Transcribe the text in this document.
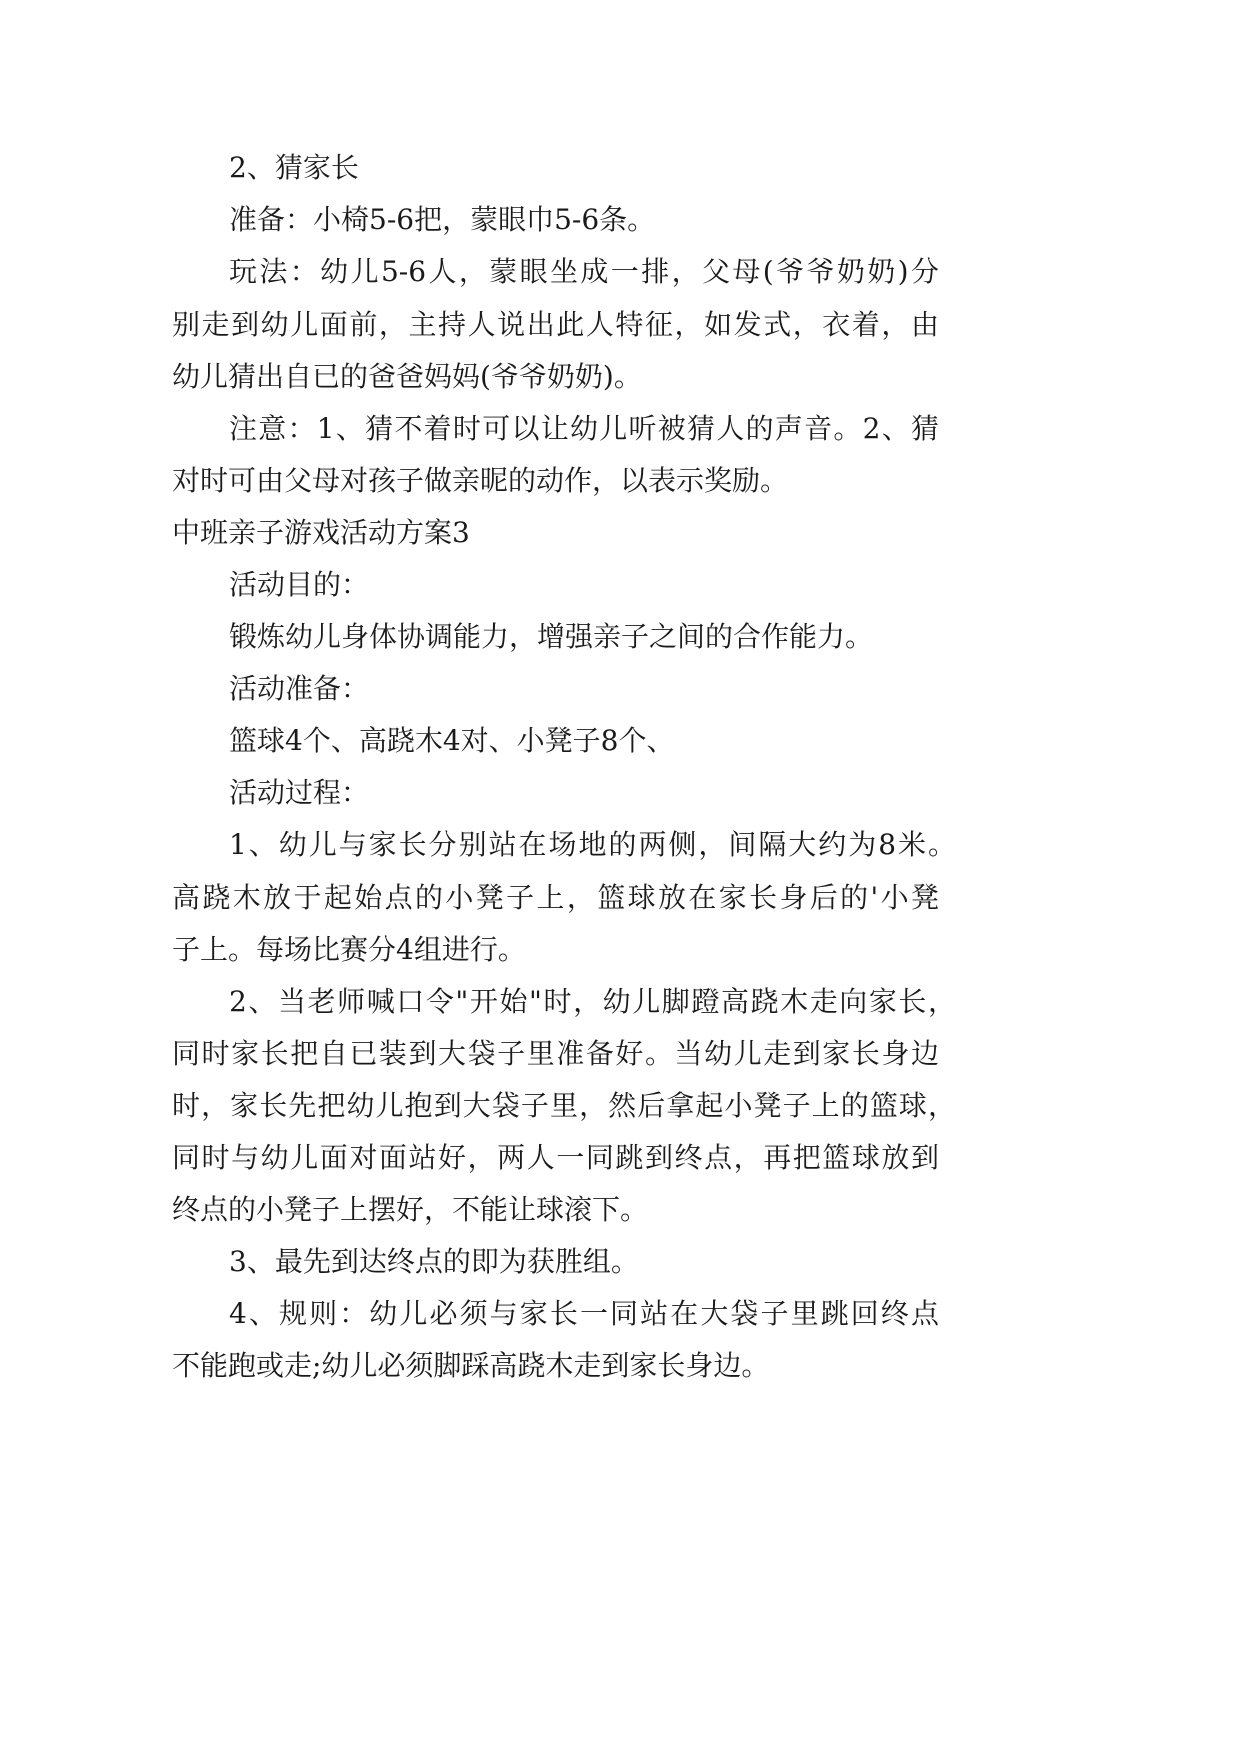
2、猜家长
准备：小椅5-6把，蒙眼巾5-6条。
玩法：幼儿5-6人，蒙眼坐成一排，父母(爷爷奶奶)分
别走到幼儿面前，主持人说出此人特征，如发式，衣着，由
幼儿猜出自已的爸爸妈妈(爷爷奶奶)。
注意：1、猜不着时可以让幼儿听被猜人的声音。2、猜
对时可由父母对孩子做亲昵的动作，以表示奖励。
中班亲子游戏活动方案3
活动目的：
锻炼幼儿身体协调能力，增强亲子之间的合作能力。
活动准备：
篮球4个、高跷木4对、小凳子8个、
活动过程：
1、幼儿与家长分别站在场地的两侧，间隔大约为8米。
高跷木放于起始点的小凳子上，篮球放在家长身后的'小凳
子上。每场比赛分4组进行。
2、当老师喊口令"开始"时，幼儿脚蹬高跷木走向家长，
同时家长把自已装到大袋子里准备好。当幼儿走到家长身边
时，家长先把幼儿抱到大袋子里，然后拿起小凳子上的篮球，
同时与幼儿面对面站好，两人一同跳到终点，再把篮球放到
终点的小凳子上摆好，不能让球滚下。
3、最先到达终点的即为获胜组。
4、规则：幼儿必须与家长一同站在大袋子里跳回终点
不能跑或走;幼儿必须脚踩高跷木走到家长身边。
